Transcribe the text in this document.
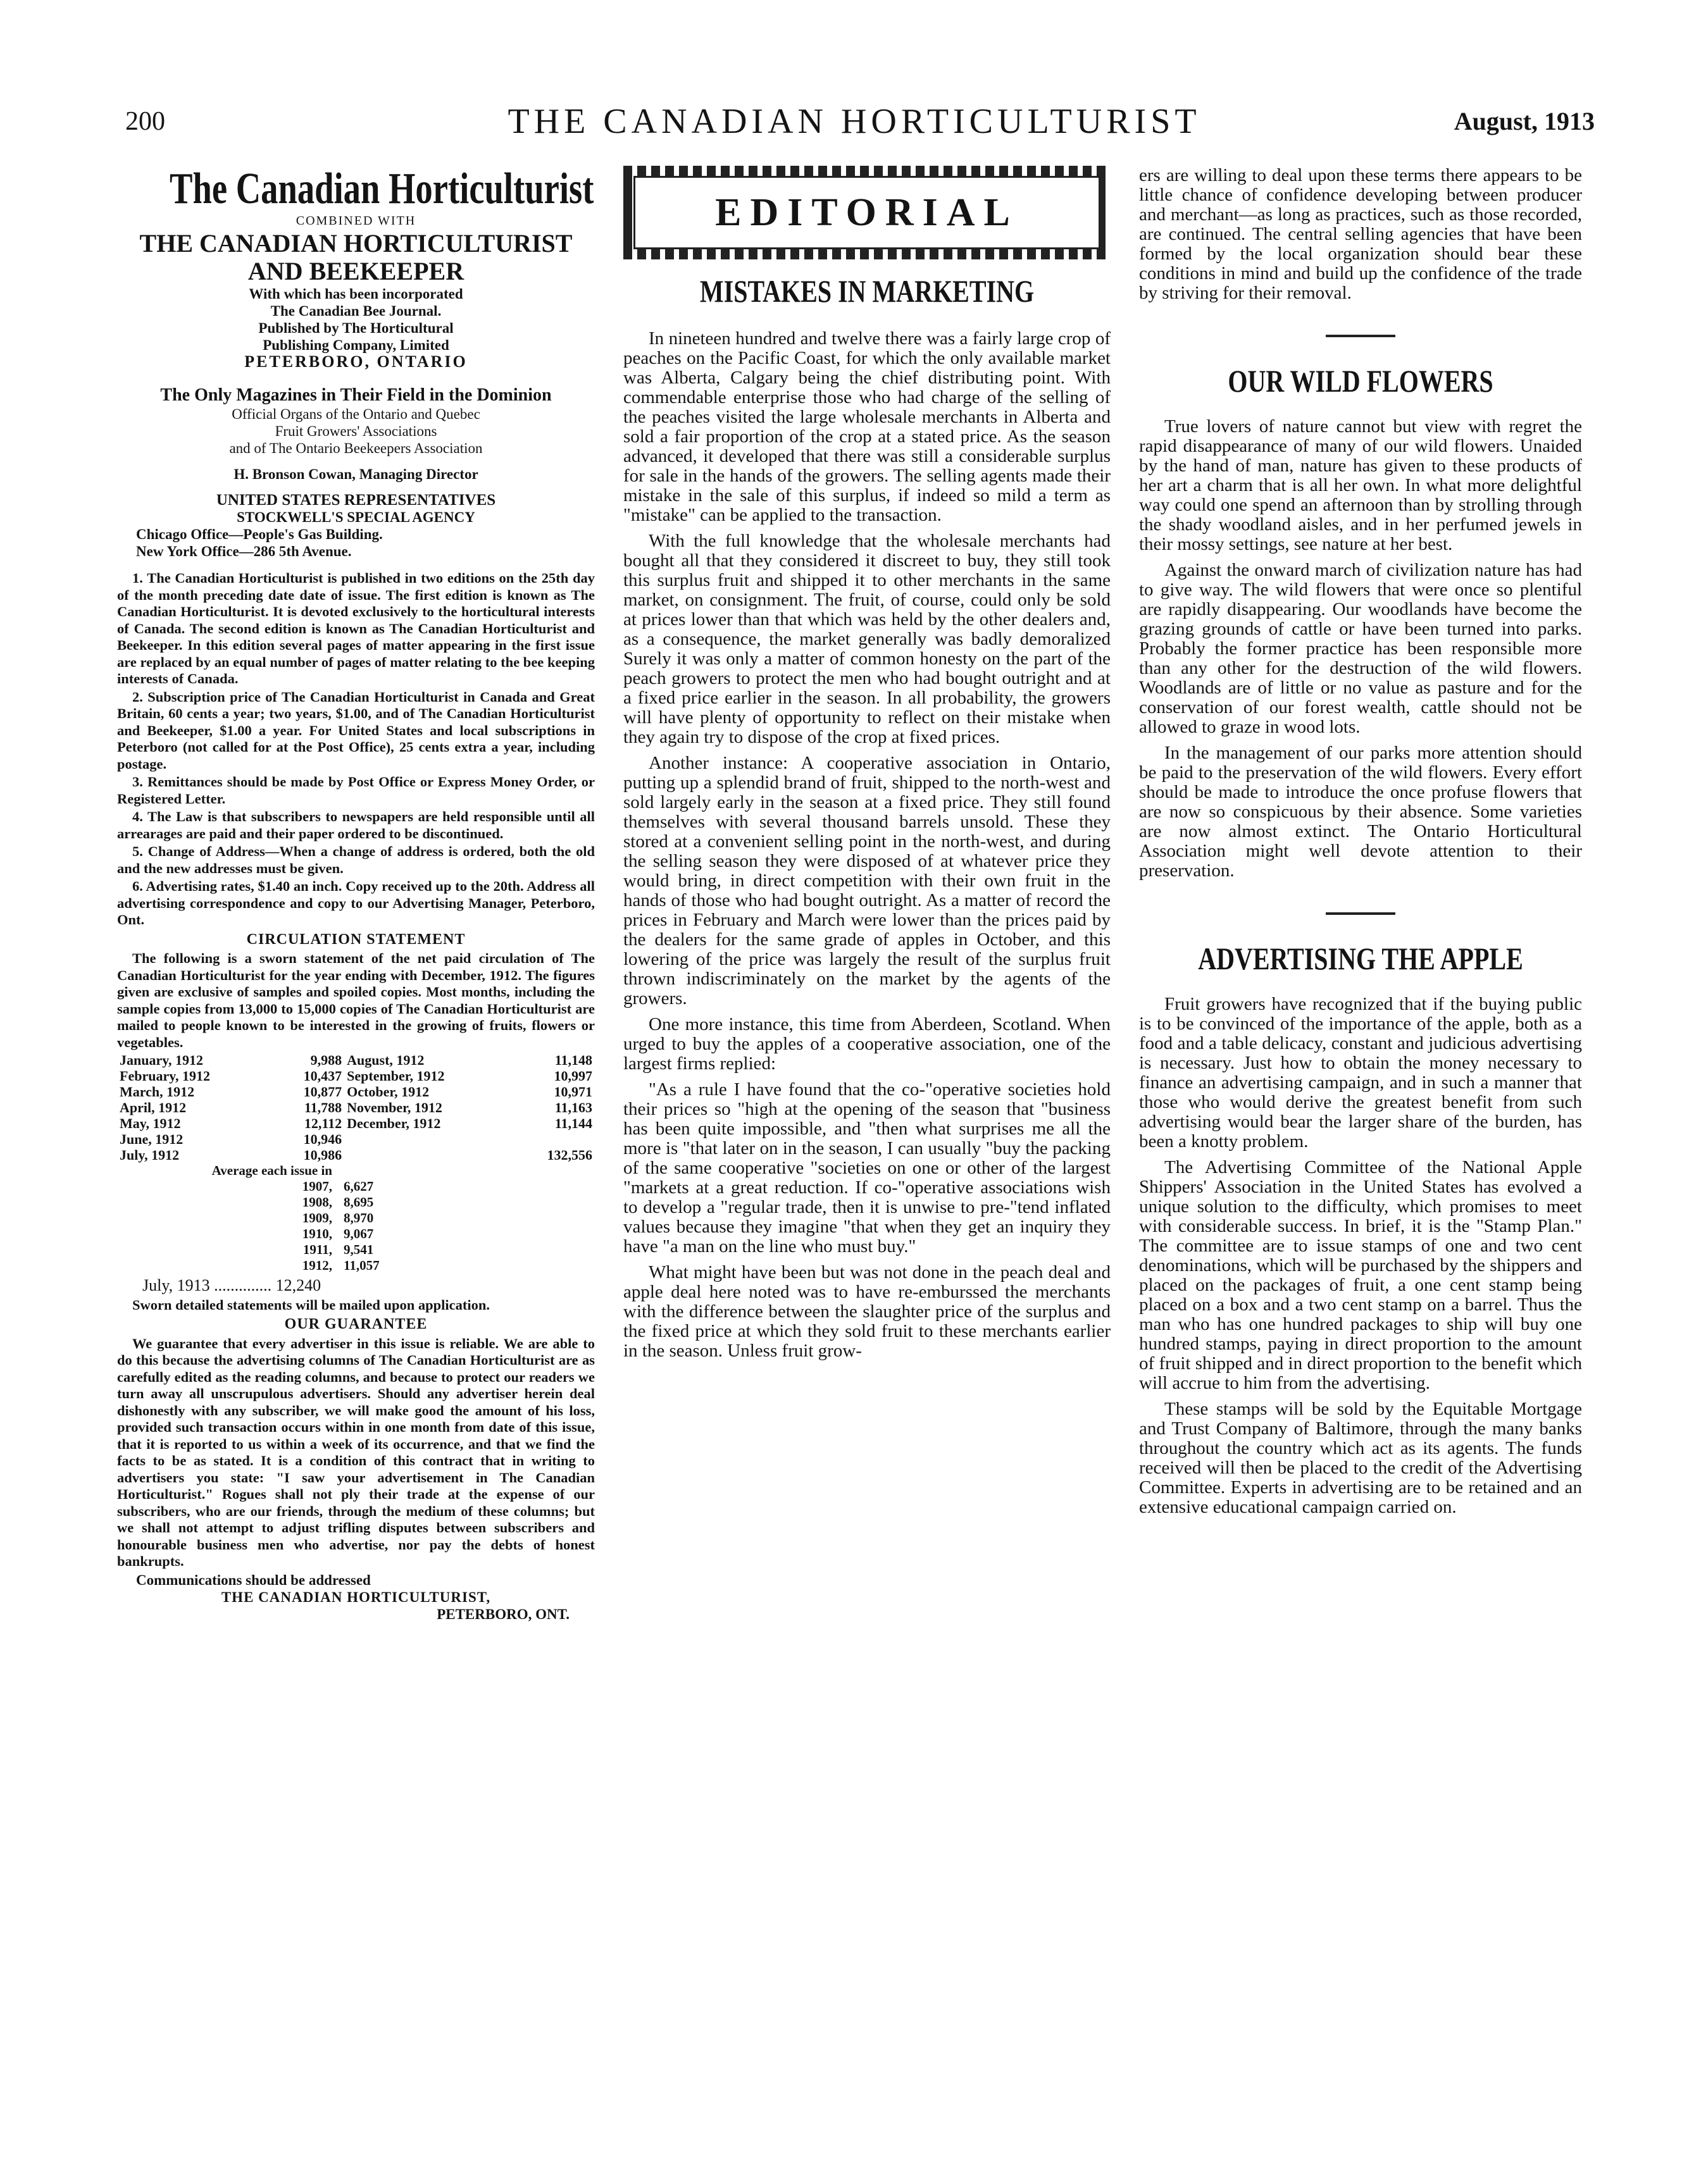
200	THE CANADIAN HORTICULTURIST	August, 1913
The Canadian Horticulturist
COMBINED WITH
THE CANADIAN HORTICULTURIST
AND BEEKEEPER
With which has been incorporated
The Canadian Bee Journal.
Published by The Horticultural
Publishing Company, Limited
PETERBORO, ONTARIO
The Only Magazines in Their Field in the Dominion
Official Organs of the Ontario and Quebec
Fruit Growers' Associations
and of The Ontario Beekeepers Association
H. Bronson Cowan, Managing Director
UNITED STATES REPRESENTATIVES
STOCKWELL'S SPECIAL AGENCY
Chicago Office—People's Gas Building.
New York Office—286 5th Avenue.

1. The Canadian Horticulturist is published in two editions on the 25th day of the month preceding date date of issue. The first edition is known as The Canadian Horticulturist. It is devoted exclusively to the horticultural interests of Canada. The second edition is known as The Canadian Horticulturist and Beekeeper. In this edition several pages of matter appearing in the first issue are replaced by an equal number of pages of matter relating to the bee keeping interests of Canada.

2. Subscription price of The Canadian Horticulturist in Canada and Great Britain, 60 cents a year; two years, $1.00, and of The Canadian Horticulturist and Beekeeper, $1.00 a year. For United States and local subscriptions in Peterboro (not called for at the Post Office), 25 cents extra a year, including postage.

3. Remittances should be made by Post Office or Express Money Order, or Registered Letter.

4. The Law is that subscribers to newspapers are held responsible until all arrearages are paid and their paper ordered to be discontinued.

5. Change of Address—When a change of address is ordered, both the old and the new addresses must be given.

6. Advertising rates, $1.40 an inch. Copy received up to the 20th. Address all advertising correspondence and copy to our Advertising Manager, Peterboro, Ont.

CIRCULATION STATEMENT

The following is a sworn statement of the net paid circulation of The Canadian Horticulturist for the year ending with December, 1912. The figures given are exclusive of samples and spoiled copies. Most months, including the sample copies from 13,000 to 15,000 copies of The Canadian Horticulturist are mailed to people known to be interested in the growing of fruits, flowers or vegetables.

January, 1912	9,988	August, 1912	11,148
February, 1912	10,437	September, 1912	10,997
March, 1912	10,877	October, 1912	10,971
April, 1912	11,788	November, 1912	11,163
May, 1912	12,112	December, 1912	11,144
June, 1912	10,946		
July, 1912	10,986		132,556
Average each issue in
1907, 6,627
1908, 8,695
1909, 8,970
1910, 9,067
1911, 9,541
1912, 11,057
July, 1913 .............. 12,240

Sworn detailed statements will be mailed upon application.

OUR GUARANTEE

We guarantee that every advertiser in this issue is reliable. We are able to do this because the advertising columns of The Canadian Horticulturist are as carefully edited as the reading columns, and because to protect our readers we turn away all unscrupulous advertisers. Should any advertiser herein deal dishonestly with any subscriber, we will make good the amount of his loss, provided such transaction occurs within in one month from date of this issue, that it is reported to us within a week of its occurrence, and that we find the facts to be as stated. It is a condition of this contract that in writing to advertisers you state: "I saw your advertisement in The Canadian Horticulturist." Rogues shall not ply their trade at the expense of our subscribers, who are our friends, through the medium of these columns; but we shall not attempt to adjust trifling disputes between subscribers and honourable business men who advertise, nor pay the debts of honest bankrupts.

Communications should be addressed
THE CANADIAN HORTICULTURIST,
PETERBORO, ONT.
EDITORIAL
MISTAKES IN MARKETING

In nineteen hundred and twelve there was a fairly large crop of peaches on the Pacific Coast, for which the only available market was Alberta, Calgary being the chief distributing point. With commendable enterprise those who had charge of the selling of the peaches visited the large wholesale merchants in Alberta and sold a fair proportion of the crop at a stated price. As the season advanced, it developed that there was still a considerable surplus for sale in the hands of the growers. The selling agents made their mistake in the sale of this surplus, if indeed so mild a term as "mistake" can be applied to the transaction.

With the full knowledge that the wholesale merchants had bought all that they considered it discreet to buy, they still took this surplus fruit and shipped it to other merchants in the same market, on consignment. The fruit, of course, could only be sold at prices lower than that which was held by the other dealers and, as a consequence, the market generally was badly demoralized Surely it was only a matter of common honesty on the part of the peach growers to protect the men who had bought outright and at a fixed price earlier in the season. In all probability, the growers will have plenty of opportunity to reflect on their mistake when they again try to dispose of the crop at fixed prices.

Another instance: A cooperative association in Ontario, putting up a splendid brand of fruit, shipped to the north-west and sold largely early in the season at a fixed price. They still found themselves with several thousand barrels unsold. These they stored at a convenient selling point in the north-west, and during the selling season they were disposed of at whatever price they would bring, in direct competition with their own fruit in the hands of those who had bought outright. As a matter of record the prices in February and March were lower than the prices paid by the dealers for the same grade of apples in October, and this lowering of the price was largely the result of the surplus fruit thrown indiscriminately on the market by the agents of the growers.

One more instance, this time from Aberdeen, Scotland. When urged to buy the apples of a cooperative association, one of the largest firms replied:

"As a rule I have found that the co-"operative societies hold their prices so "high at the opening of the season that "business has been quite impossible, and "then what surprises me all the more is "that later on in the season, I can usually "buy the packing of the same cooperative "societies on one or other of the largest "markets at a great reduction. If co-"operative associations wish to develop a "regular trade, then it is unwise to pre-"tend inflated values because they imagine "that when they get an inquiry they have "a man on the line who must buy."

What might have been but was not done in the peach deal and apple deal here noted was to have re-emburssed the merchants with the difference between the slaughter price of the surplus and the fixed price at which they sold fruit to these merchants earlier in the season. Unless fruit grow-

ers are willing to deal upon these terms there appears to be little chance of confidence developing between producer and merchant—as long as practices, such as those recorded, are continued. The central selling agencies that have been formed by the local organization should bear these conditions in mind and build up the confidence of the trade by striving for their removal.

OUR WILD FLOWERS

True lovers of nature cannot but view with regret the rapid disappearance of many of our wild flowers. Unaided by the hand of man, nature has given to these products of her art a charm that is all her own. In what more delightful way could one spend an afternoon than by strolling through the shady woodland aisles, and in her perfumed jewels in their mossy settings, see nature at her best.

Against the onward march of civilization nature has had to give way. The wild flowers that were once so plentiful are rapidly disappearing. Our woodlands have become the grazing grounds of cattle or have been turned into parks. Probably the former practice has been responsible more than any other for the destruction of the wild flowers. Woodlands are of little or no value as pasture and for the conservation of our forest wealth, cattle should not be allowed to graze in wood lots.

In the management of our parks more attention should be paid to the preservation of the wild flowers. Every effort should be made to introduce the once profuse flowers that are now so conspicuous by their absence. Some varieties are now almost extinct. The Ontario Horticultural Association might well devote attention to their preservation.

ADVERTISING THE APPLE

Fruit growers have recognized that if the buying public is to be convinced of the importance of the apple, both as a food and a table delicacy, constant and judicious advertising is necessary. Just how to obtain the money necessary to finance an advertising campaign, and in such a manner that those who would derive the greatest benefit from such advertising would bear the larger share of the burden, has been a knotty problem.

The Advertising Committee of the National Apple Shippers' Association in the United States has evolved a unique solution to the difficulty, which promises to meet with considerable success. In brief, it is the "Stamp Plan." The committee are to issue stamps of one and two cent denominations, which will be purchased by the shippers and placed on the packages of fruit, a one cent stamp being placed on a box and a two cent stamp on a barrel. Thus the man who has one hundred packages to ship will buy one hundred stamps, paying in direct proportion to the amount of fruit shipped and in direct proportion to the benefit which will accrue to him from the advertising.

These stamps will be sold by the Equitable Mortgage and Trust Company of Baltimore, through the many banks throughout the country which act as its agents. The funds received will then be placed to the credit of the Advertising Committee. Experts in advertising are to be retained and an extensive educational campaign carried on.
